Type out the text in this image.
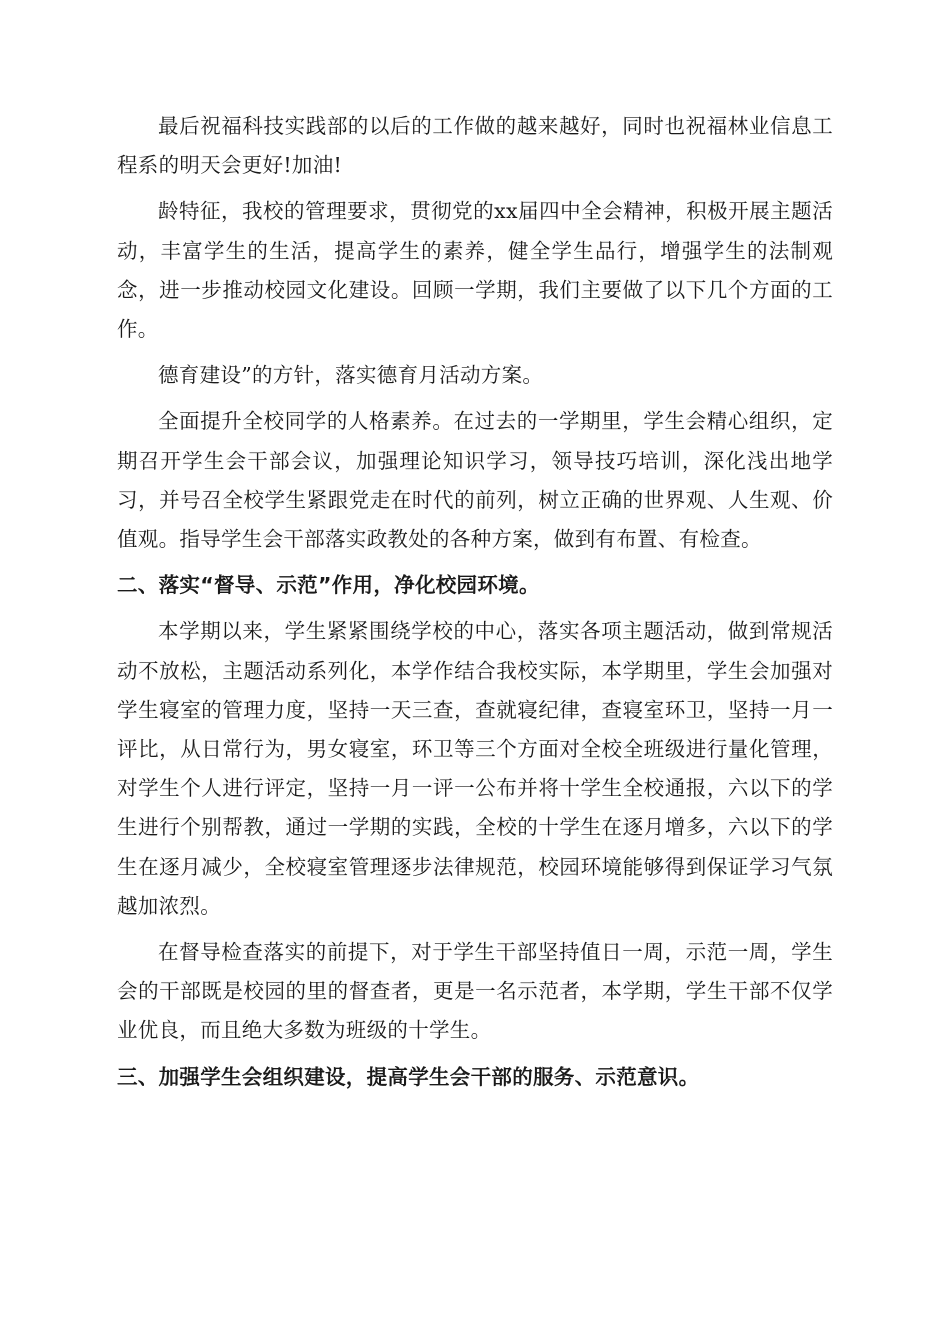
最后祝福科技实践部的以后的工作做的越来越好，同时也祝福林业信息工程系的明天会更好!加油!

龄特征，我校的管理要求，贯彻党的xx届四中全会精神，积极开展主题活动，丰富学生的生活，提高学生的素养，健全学生品行，增强学生的法制观念，进一步推动校园文化建设。回顾一学期，我们主要做了以下几个方面的工作。

德育建设”的方针，落实德育月活动方案。

全面提升全校同学的人格素养。在过去的一学期里，学生会精心组织，定期召开学生会干部会议，加强理论知识学习，领导技巧培训，深化浅出地学习，并号召全校学生紧跟党走在时代的前列，树立正确的世界观、人生观、价值观。指导学生会干部落实政教处的各种方案，做到有布置、有检查。

二、落实“督导、示范”作用，净化校园环境。

本学期以来，学生紧紧围绕学校的中心，落实各项主题活动，做到常规活动不放松，主题活动系列化，本学作结合我校实际，本学期里，学生会加强对学生寝室的管理力度，坚持一天三查，查就寝纪律，查寝室环卫，坚持一月一评比，从日常行为，男女寝室，环卫等三个方面对全校全班级进行量化管理，对学生个人进行评定，坚持一月一评一公布并将十学生全校通报，六以下的学生进行个别帮教，通过一学期的实践，全校的十学生在逐月增多，六以下的学生在逐月减少，全校寝室管理逐步法律规范，校园环境能够得到保证学习气氛越加浓烈。

在督导检查落实的前提下，对于学生干部坚持值日一周，示范一周，学生会的干部既是校园的里的督查者，更是一名示范者，本学期，学生干部不仅学业优良，而且绝大多数为班级的十学生。

三、加强学生会组织建设，提高学生会干部的服务、示范意识。
